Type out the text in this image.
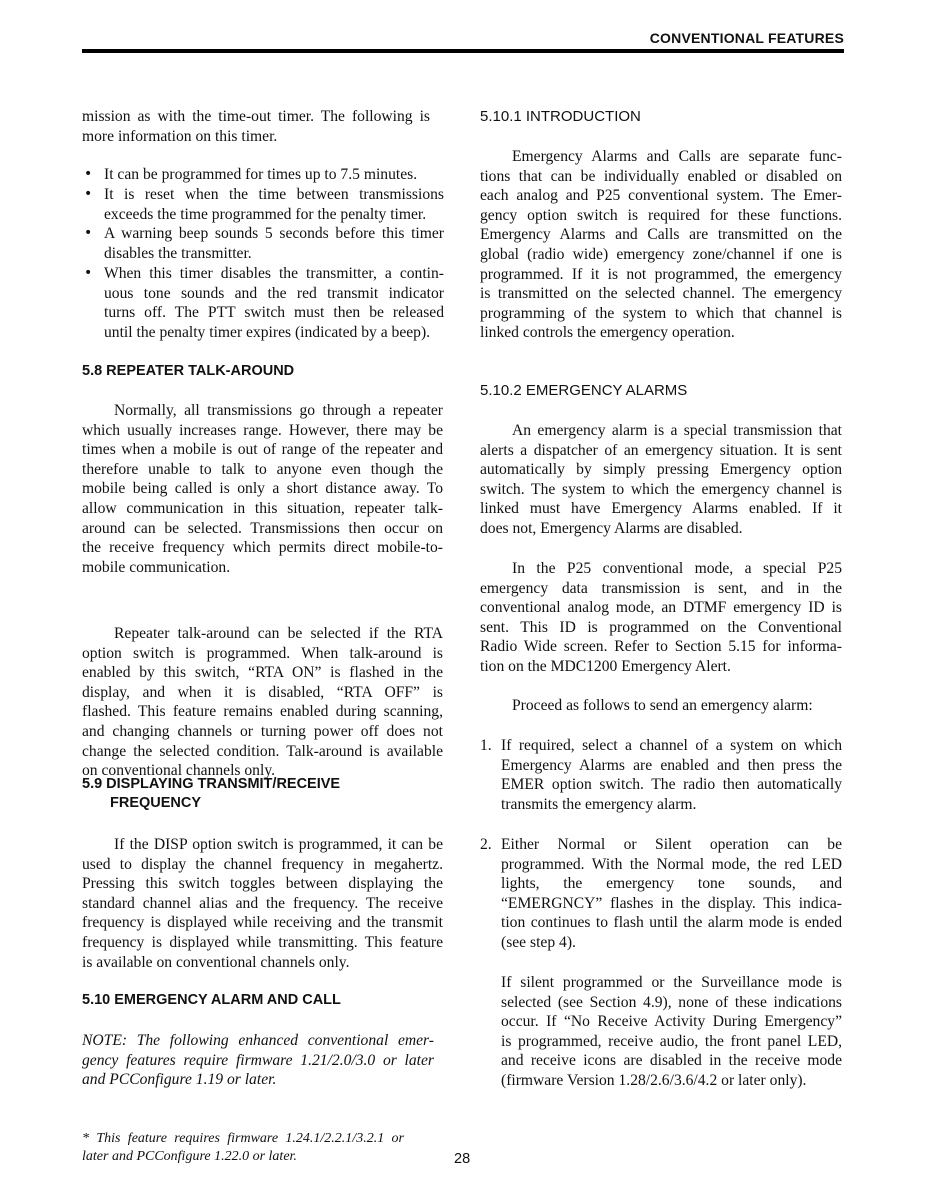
CONVENTIONAL FEATURES
mission as with the time-out timer. The following is
more information on this timer.
• It can be programmed for times up to 7.5 minutes.
• It is reset when the time between transmissions
exceeds the time programmed for the penalty timer.
• A warning beep sounds 5 seconds before this timer
disables the transmitter.
• When this timer disables the transmitter, a contin-
uous tone sounds and the red transmit indicator
turns off. The PTT switch must then be released
until the penalty timer expires (indicated by a beep).
5.8 REPEATER TALK-AROUND
Normally, all transmissions go through a repeater
which usually increases range. However, there may be
times when a mobile is out of range of the repeater and
therefore unable to talk to anyone even though the
mobile being called is only a short distance away. To
allow communication in this situation, repeater talk-
around can be selected. Transmissions then occur on
the receive frequency which permits direct mobile-to-
mobile communication.
Repeater talk-around can be selected if the RTA
option switch is programmed. When talk-around is
enabled by this switch, “RTA ON” is flashed in the
display, and when it is disabled, “RTA OFF” is
flashed. This feature remains enabled during scanning,
and changing channels or turning power off does not
change the selected condition. Talk-around is available
on conventional channels only.
5.9 DISPLAYING TRANSMIT/RECEIVE
FREQUENCY
If the DISP option switch is programmed, it can be
used to display the channel frequency in megahertz.
Pressing this switch toggles between displaying the
standard channel alias and the frequency. The receive
frequency is displayed while receiving and the transmit
frequency is displayed while transmitting. This feature
is available on conventional channels only.
5.10 EMERGENCY ALARM AND CALL
NOTE: The following enhanced conventional emer-
gency features require firmware 1.21/2.0/3.0 or later
and PCConfigure 1.19 or later.
* This feature requires firmware 1.24.1/2.2.1/3.2.1 or
later and PCConfigure 1.22.0 or later.	28
5.10.1 INTRODUCTION
Emergency Alarms and Calls are separate func-
tions that can be individually enabled or disabled on
each analog and P25 conventional system. The Emer-
gency option switch is required for these functions.
Emergency Alarms and Calls are transmitted on the
global (radio wide) emergency zone/channel if one is
programmed. If it is not programmed, the emergency
is transmitted on the selected channel. The emergency
programming of the system to which that channel is
linked controls the emergency operation.
5.10.2 EMERGENCY ALARMS
An emergency alarm is a special transmission that
alerts a dispatcher of an emergency situation. It is sent
automatically by simply pressing Emergency option
switch. The system to which the emergency channel is
linked must have Emergency Alarms enabled. If it
does not, Emergency Alarms are disabled.
In the P25 conventional mode, a special P25
emergency data transmission is sent, and in the
conventional analog mode, an DTMF emergency ID is
sent. This ID is programmed on the Conventional
Radio Wide screen. Refer to Section 5.15 for informa-
tion on the MDC1200 Emergency Alert.
Proceed as follows to send an emergency alarm:
1. If required, select a channel of a system on which
Emergency Alarms are enabled and then press the
EMER option switch. The radio then automatically
transmits the emergency alarm.
2. Either Normal or Silent operation can be
programmed. With the Normal mode, the red LED
lights, the emergency tone sounds, and
“EMERGNCY” flashes in the display. This indica-
tion continues to flash until the alarm mode is ended
(see step 4).
If silent programmed or the Surveillance mode is
selected (see Section 4.9), none of these indications
occur. If “No Receive Activity During Emergency”
is programmed, receive audio, the front panel LED,
and receive icons are disabled in the receive mode
(firmware Version 1.28/2.6/3.6/4.2 or later only).
